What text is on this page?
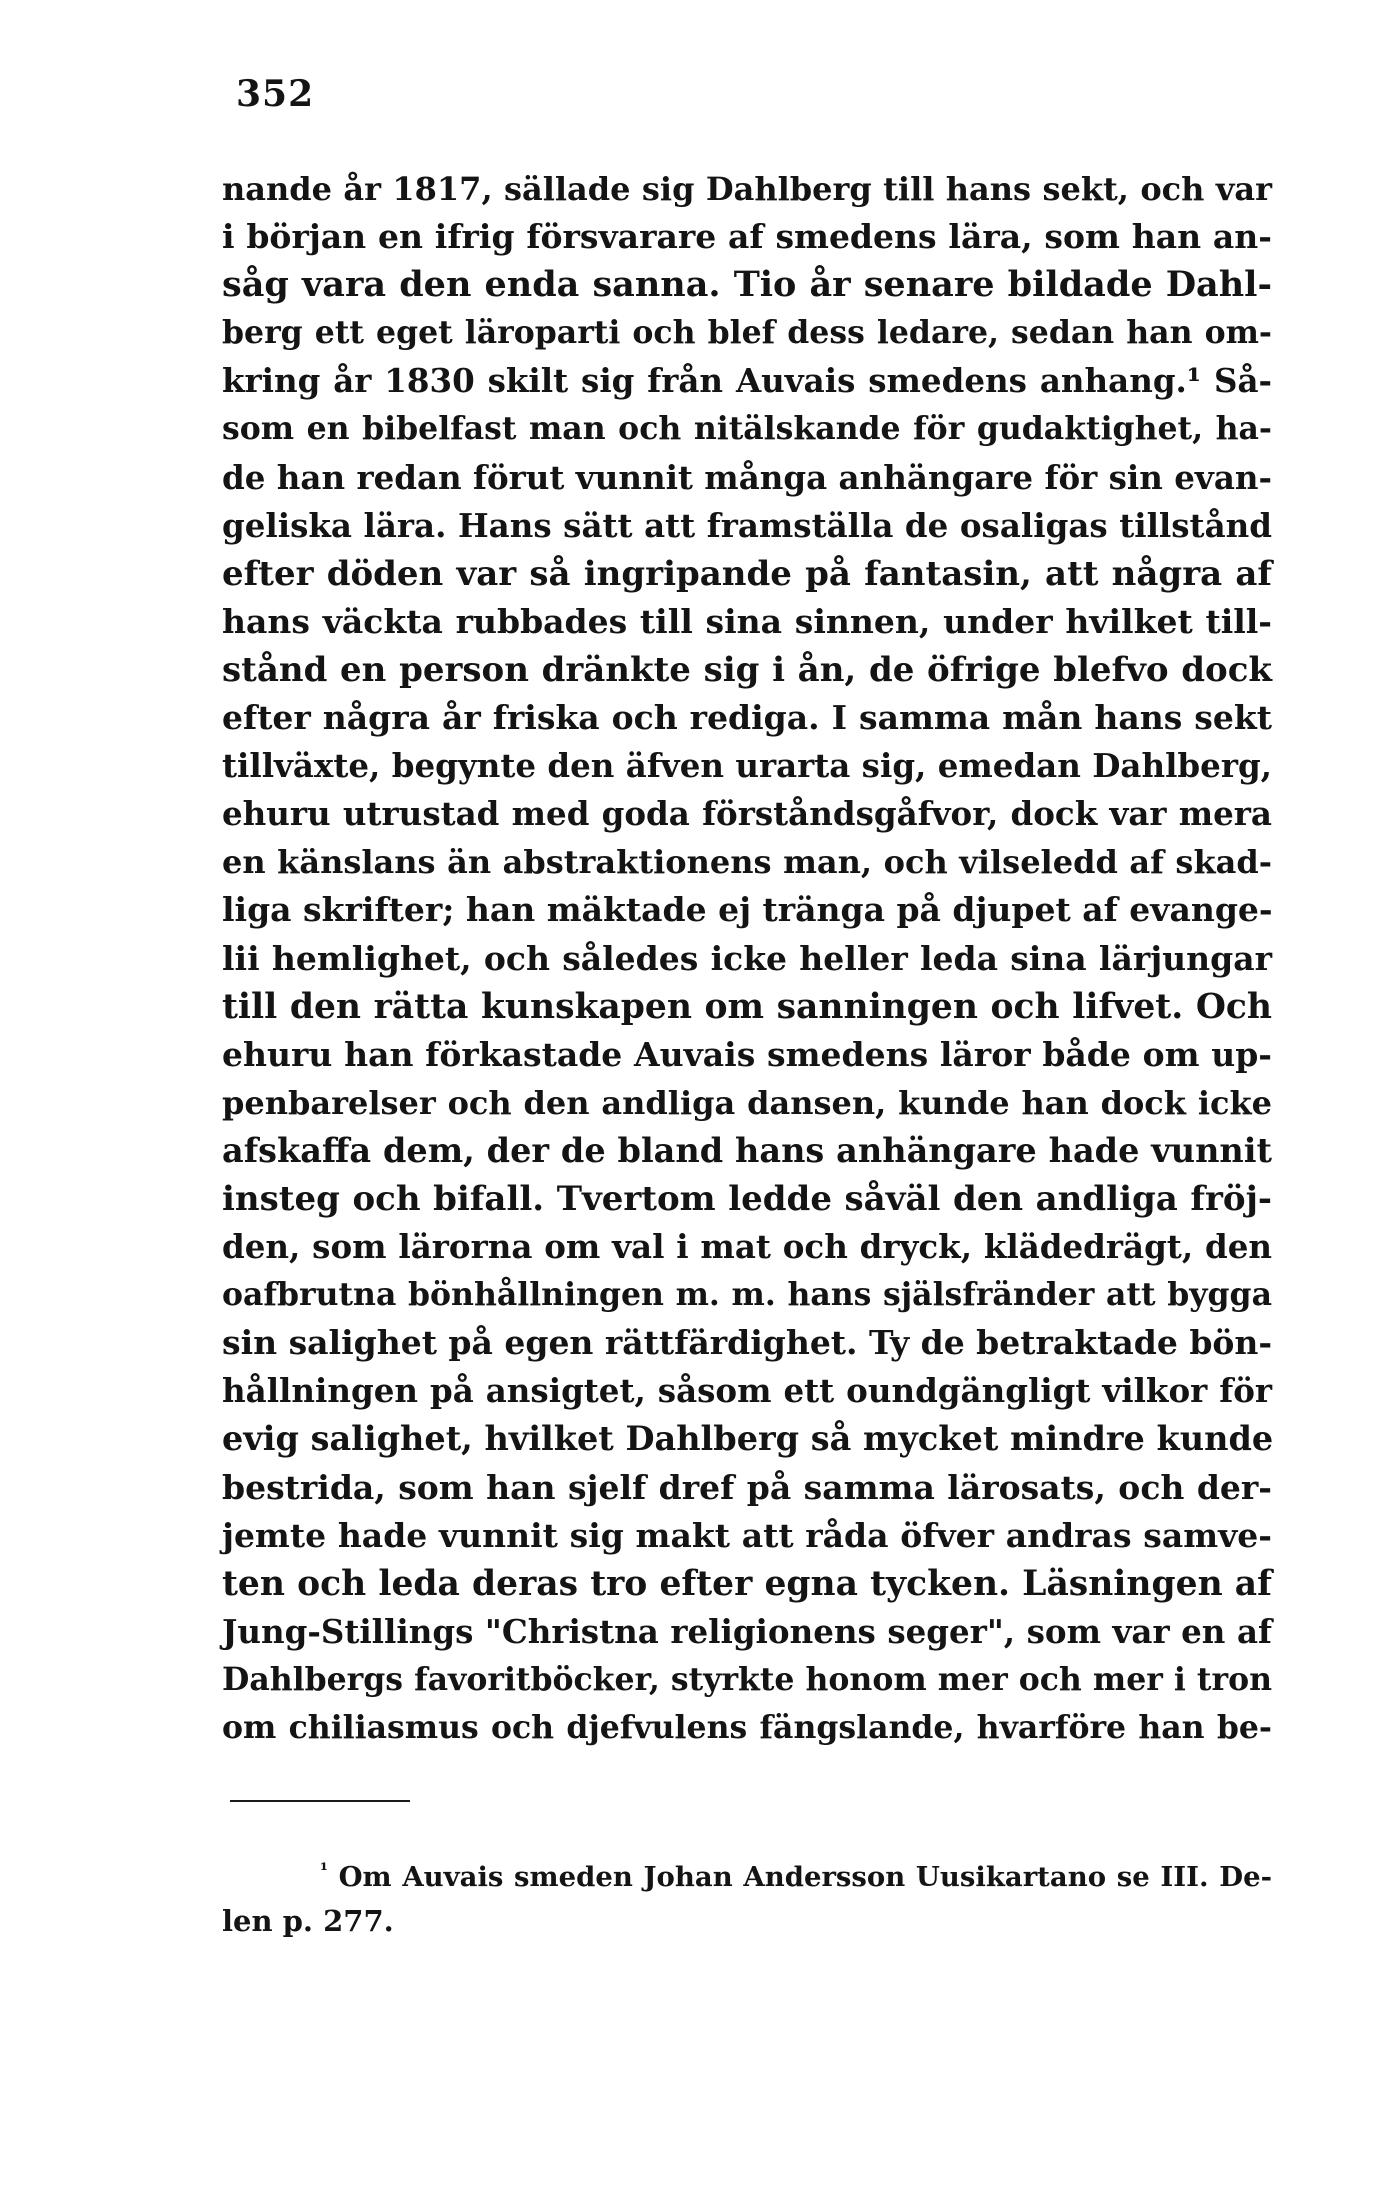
352
nande år 1817, sällade sig Dahlberg till hans sekt, och var
i början en ifrig försvarare af smedens lära, som han an-
såg vara den enda sanna. Tio år senare bildade Dahl-
berg ett eget läroparti och blef dess ledare, sedan han om-
kring år 1830 skilt sig från Auvais smedens anhang.¹ Så-
som en bibelfast man och nitälskande för gudaktighet, ha-
de han redan förut vunnit många anhängare för sin evan-
geliska lära. Hans sätt att framställa de osaligas tillstånd
efter döden var så ingripande på fantasin, att några af
hans väckta rubbades till sina sinnen, under hvilket till-
stånd en person dränkte sig i ån, de öfrige blefvo dock
efter några år friska och rediga. I samma mån hans sekt
tillväxte, begynte den äfven urarta sig, emedan Dahlberg,
ehuru utrustad med goda förståndsgåfvor, dock var mera
en känslans än abstraktionens man, och vilseledd af skad-
liga skrifter; han mäktade ej tränga på djupet af evange-
lii hemlighet, och således icke heller leda sina lärjungar
till den rätta kunskapen om sanningen och lifvet. Och
ehuru han förkastade Auvais smedens läror både om up-
penbarelser och den andliga dansen, kunde han dock icke
afskaffa dem, der de bland hans anhängare hade vunnit
insteg och bifall. Tvertom ledde såväl den andliga fröj-
den, som lärorna om val i mat och dryck, klädedrägt, den
oafbrutna bönhållningen m. m. hans själsfränder att bygga
sin salighet på egen rättfärdighet. Ty de betraktade bön-
hållningen på ansigtet, såsom ett oundgängligt vilkor för
evig salighet, hvilket Dahlberg så mycket mindre kunde
bestrida, som han sjelf dref på samma lärosats, och der-
jemte hade vunnit sig makt att råda öfver andras samve-
ten och leda deras tro efter egna tycken. Läsningen af
Jung-Stillings "Christna religionens seger", som var en af
Dahlbergs favoritböcker, styrkte honom mer och mer i tron
om chiliasmus och djefvulens fängslande, hvarföre han be-
$^{^1}$ Om Auvais smeden Johan Andersson Uusikartano se III. De-
len p. 277.
